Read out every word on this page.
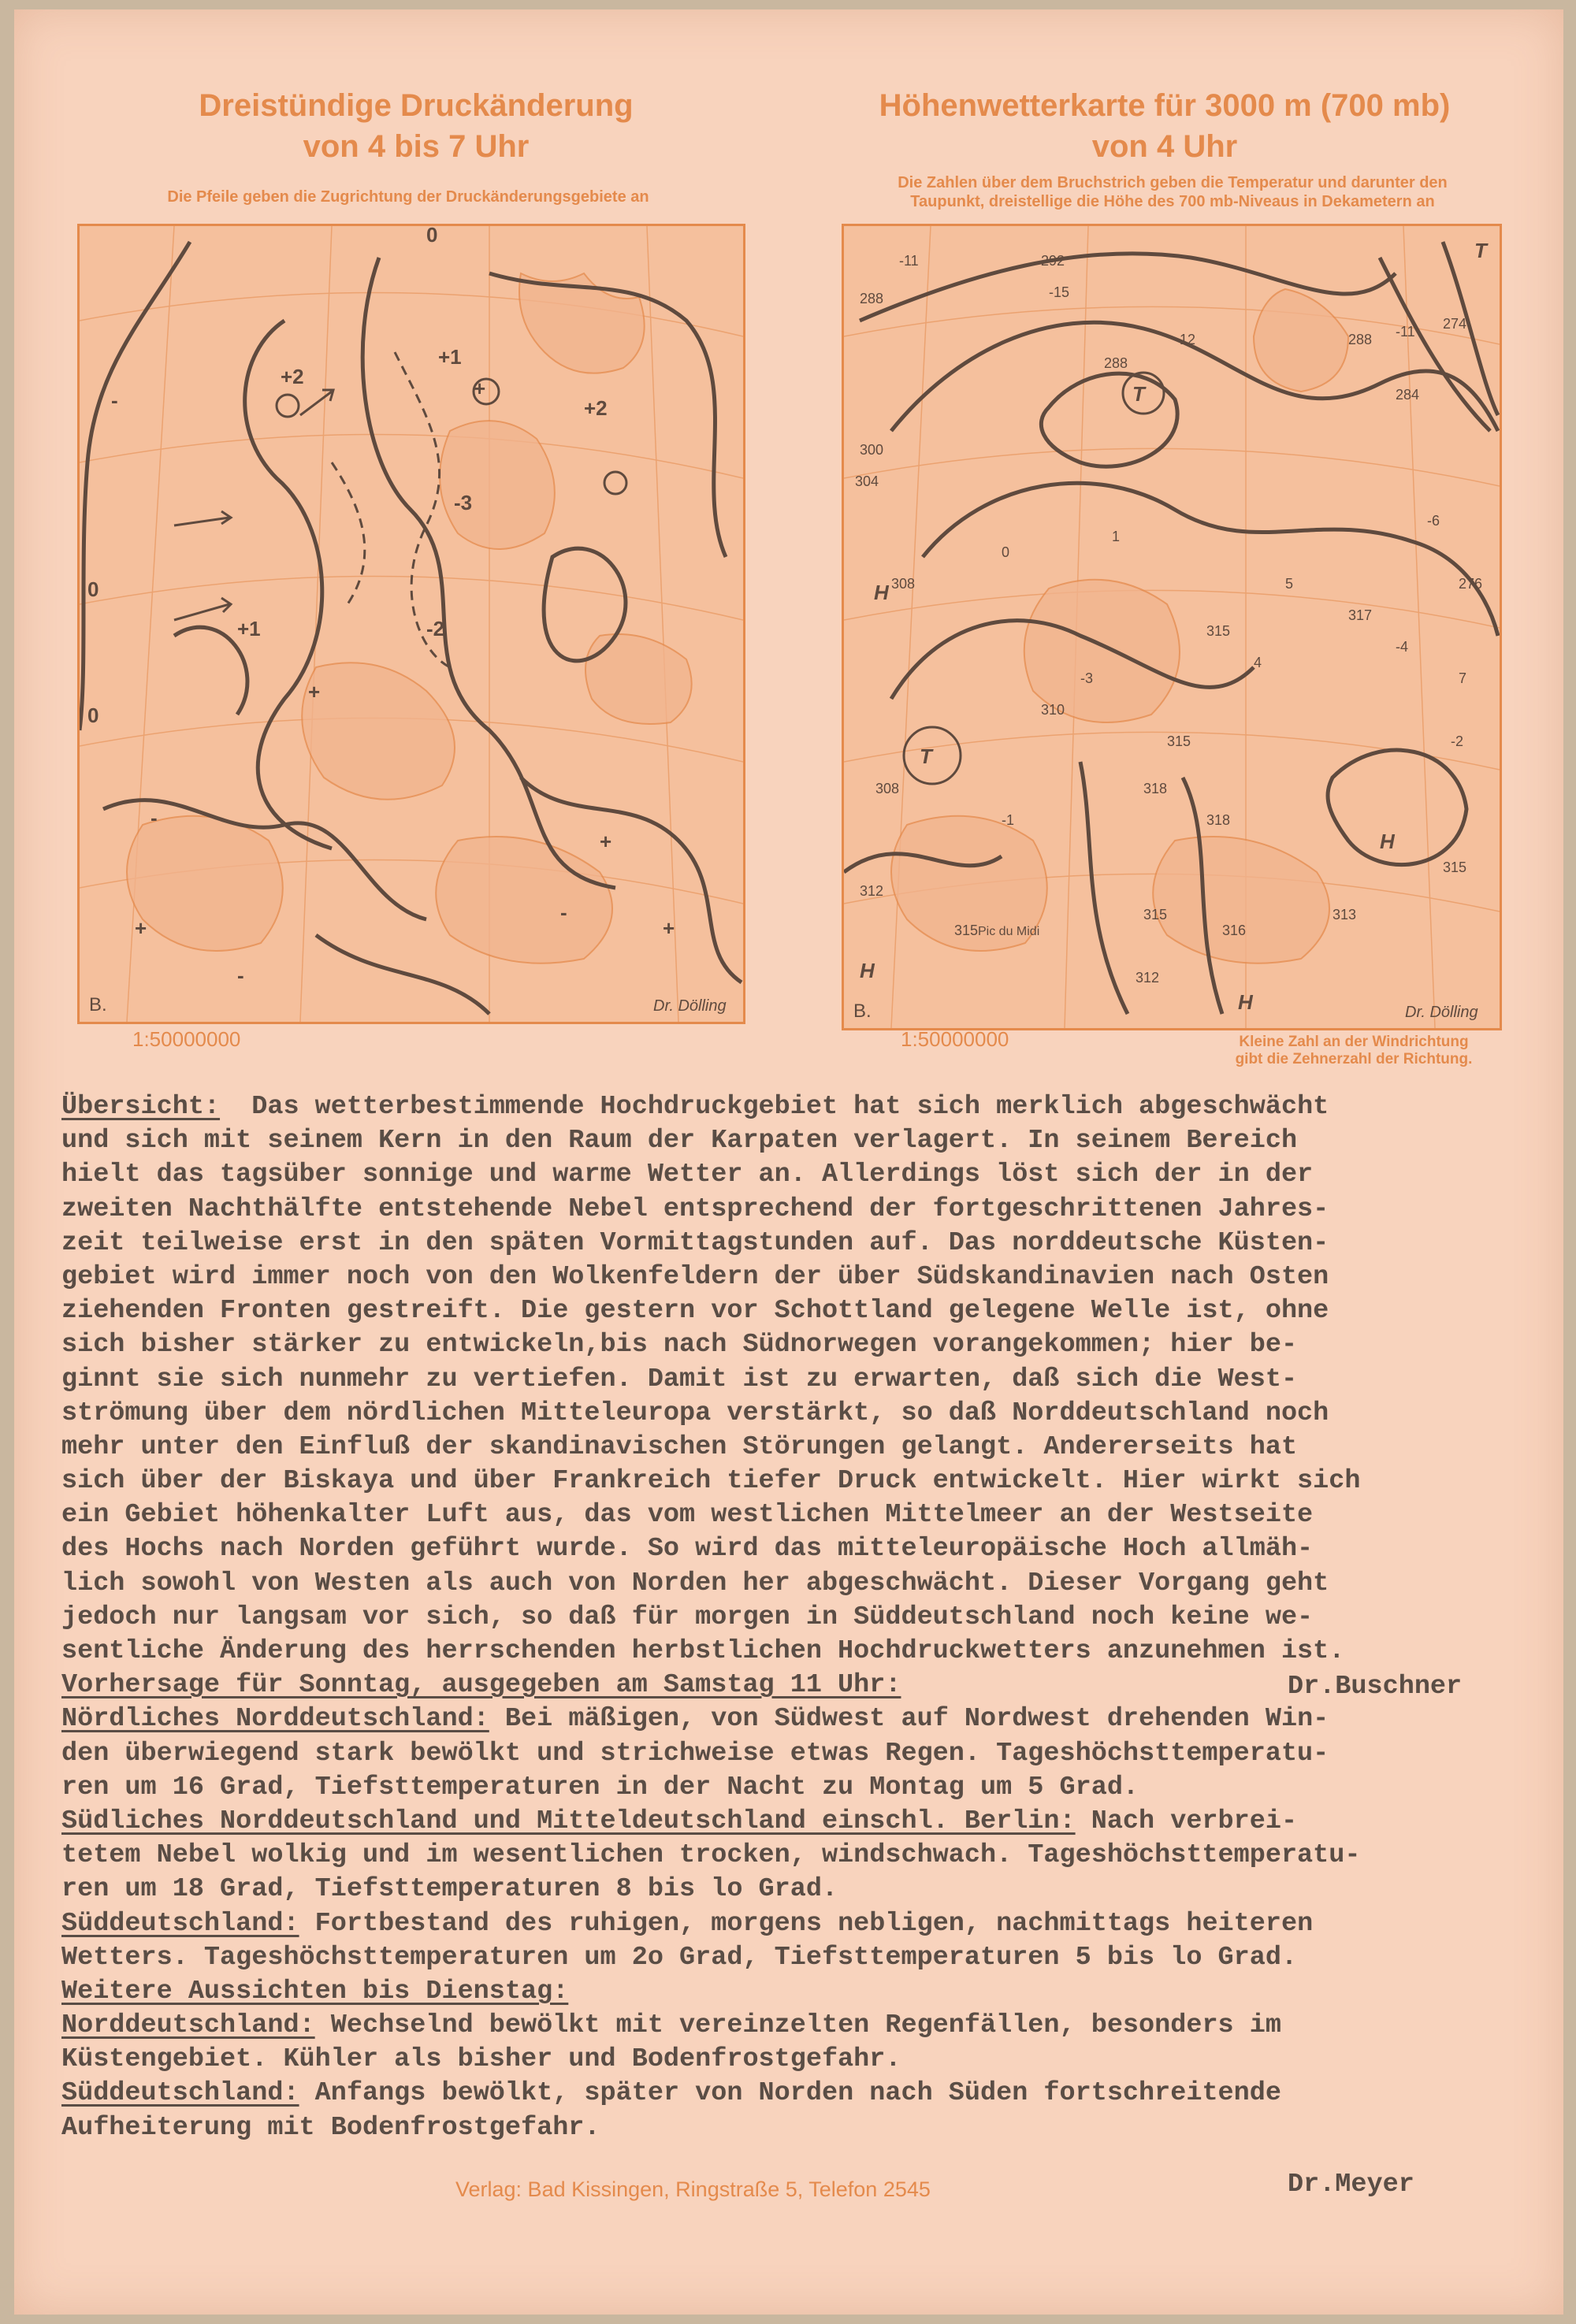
Dreistündige Druckänderung
von 4 bis 7 Uhr
Die Pfeile geben die Zugrichtung der Druckänderungsgebiete an
Höhenwetterkarte für 3000 m (700 mb)
von 4 Uhr
Die Zahlen über dem Bruchstrich geben die Temperatur und darunter den
Taupunkt, dreistellige die Höhe des 700 mb-Niveaus in Dekametern an
+2
+1
0
-	+
-3
-2
-
+
-
+1
+2
+
-
+
+
0
0
B.	Dr. Dölling
1:50000000
T
T
T
H
H
H
H
288
-11	292
-15
288
-12	288 -11
300
304
308
308
312
-1
310
-3
315
4
5
317
-4
7
-2
315
315
318
318
315
312
316
313
315
0
1
-6
276
284
274
Pic du Midi
B.	Dr. Dölling
1:50000000	Kleine Zahl an der Windrichtung
gibt die Zehnerzahl der Richtung.
Übersicht:  Das wetterbestimmende Hochdruckgebiet hat sich merklich abgeschwächt
und sich mit seinem Kern in den Raum der Karpaten verlagert. In seinem Bereich
hielt das tagsüber sonnige und warme Wetter an. Allerdings löst sich der in der
zweiten Nachthälfte entstehende Nebel entsprechend der fortgeschrittenen Jahres-
zeit teilweise erst in den späten Vormittagstunden auf. Das norddeutsche Küsten-
gebiet wird immer noch von den Wolkenfeldern der über Südskandinavien nach Osten
ziehenden Fronten gestreift. Die gestern vor Schottland gelegene Welle ist, ohne
sich bisher stärker zu entwickeln,bis nach Südnorwegen vorangekommen; hier be-
ginnt sie sich nunmehr zu vertiefen. Damit ist zu erwarten, daß sich die West-
strömung über dem nördlichen Mitteleuropa verstärkt, so daß Norddeutschland noch
mehr unter den Einfluß der skandinavischen Störungen gelangt. Andererseits hat
sich über der Biskaya und über Frankreich tiefer Druck entwickelt. Hier wirkt sich
ein Gebiet höhenkalter Luft aus, das vom westlichen Mittelmeer an der Westseite
des Hochs nach Norden geführt wurde. So wird das mitteleuropäische Hoch allmäh-
lich sowohl von Westen als auch von Norden her abgeschwächt. Dieser Vorgang geht
jedoch nur langsam vor sich, so daß für morgen in Süddeutschland noch keine we-
sentliche Änderung des herrschenden herbstlichen Hochdruckwetters anzunehmen ist.
Vorhersage für Sonntag, ausgegeben am Samstag 11 Uhr:
Nördliches Norddeutschland: Bei mäßigen, von Südwest auf Nordwest drehenden Win-
den überwiegend stark bewölkt und strichweise etwas Regen. Tageshöchsttemperatu-
ren um 16 Grad, Tiefsttemperaturen in der Nacht zu Montag um 5 Grad.
Südliches Norddeutschland und Mitteldeutschland einschl. Berlin: Nach verbrei-
tetem Nebel wolkig und im wesentlichen trocken, windschwach. Tageshöchsttemperatu-
ren um 18 Grad, Tiefsttemperaturen 8 bis lo Grad.
Süddeutschland: Fortbestand des ruhigen, morgens nebligen, nachmittags heiteren
Wetters. Tageshöchsttemperaturen um 2o Grad, Tiefsttemperaturen 5 bis lo Grad.
Weitere Aussichten bis Dienstag:
Norddeutschland: Wechselnd bewölkt mit vereinzelten Regenfällen, besonders im
Küstengebiet. Kühler als bisher und Bodenfrostgefahr.
Süddeutschland: Anfangs bewölkt, später von Norden nach Süden fortschreitende
Aufheiterung mit Bodenfrostgefahr.
Dr.Buschner
Dr.Meyer
Verlag: Bad Kissingen, Ringstraße 5, Telefon 2545
